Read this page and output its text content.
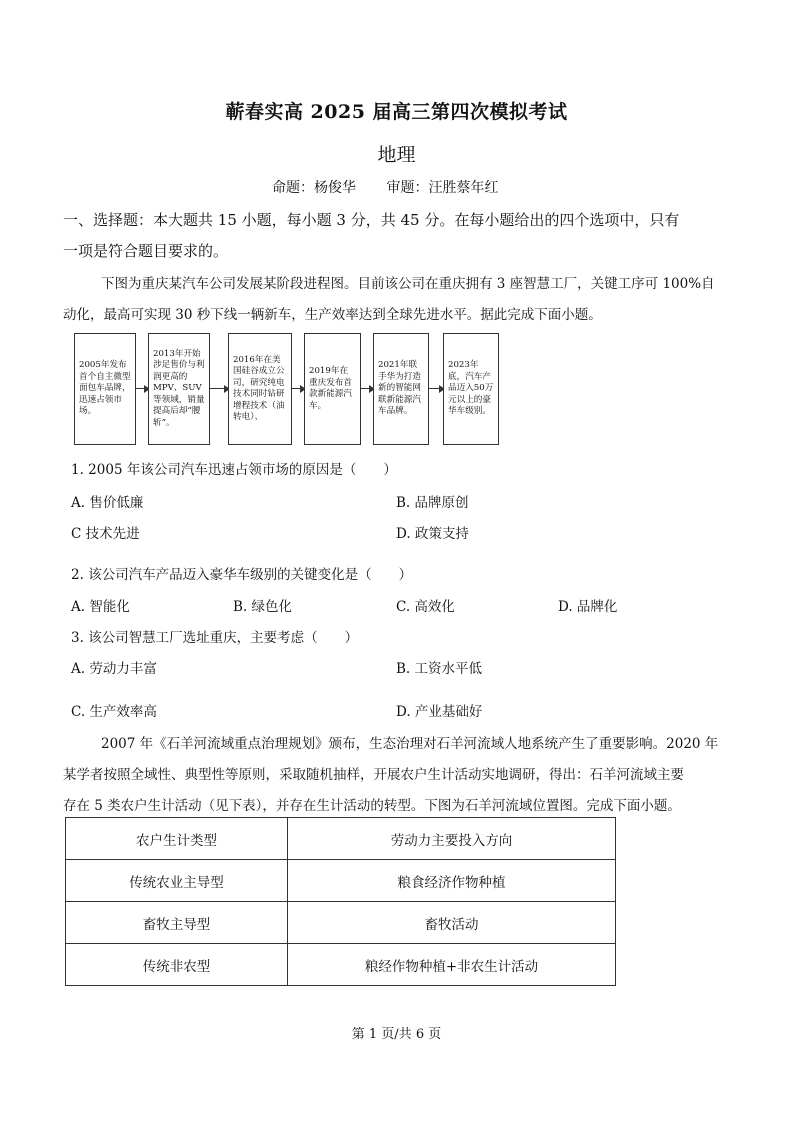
蕲春实高 2025 届高三第四次模拟考试
地理
命题：杨俊华 审题：汪胜蔡年红
一、选择题：本大题共 15 小题，每小题 3 分，共 45 分。在每小题给出的四个选项中，只有
一项是符合题目要求的。
下图为重庆某汽车公司发展某阶段进程图。目前该公司在重庆拥有 3 座智慧工厂，关键工序可 100%自
动化，最高可实现 30 秒下线一辆新车，生产效率达到全球先进水平。据此完成下面小题。
2005年发布首个自主微型面包车品牌，迅速占领市场。
2013年开始涉足售价与利润更高的MPV、SUV等领域，销量提高后却“腰斩”。
2016年在美国硅谷成立公司，研究纯电技术同时钻研增程技术（油转电）、
2019年在重庆发布首款新能源汽车。
2021年联手华为打造新的智能网联新能源汽车品牌。
2023年底，汽车产品迈入50万元以上的豪华车级别。
1. 2005 年该公司汽车迅速占领市场的原因是（　　）
A. 售价低廉	B. 品牌原创
C 技术先进	D. 政策支持
2. 该公司汽车产品迈入豪华车级别的关键变化是（　　）
A. 智能化	B. 绿色化	C. 高效化	D. 品牌化
3. 该公司智慧工厂选址重庆，主要考虑（　　）
A. 劳动力丰富	B. 工资水平低
C. 生产效率高	D. 产业基础好
2007 年《石羊河流域重点治理规划》颁布，生态治理对石羊河流域人地系统产生了重要影响。2020 年
某学者按照全域性、典型性等原则，采取随机抽样，开展农户生计活动实地调研，得出：石羊河流域主要
存在 5 类农户生计活动（见下表），并存在生计活动的转型。下图为石羊河流域位置图。完成下面小题。
农户生计类型	劳动力主要投入方向
传统农业主导型	粮食经济作物种植
畜牧主导型	畜牧活动
传统非农型	粮经作物种植+非农生计活动
第 1 页/共 6 页
